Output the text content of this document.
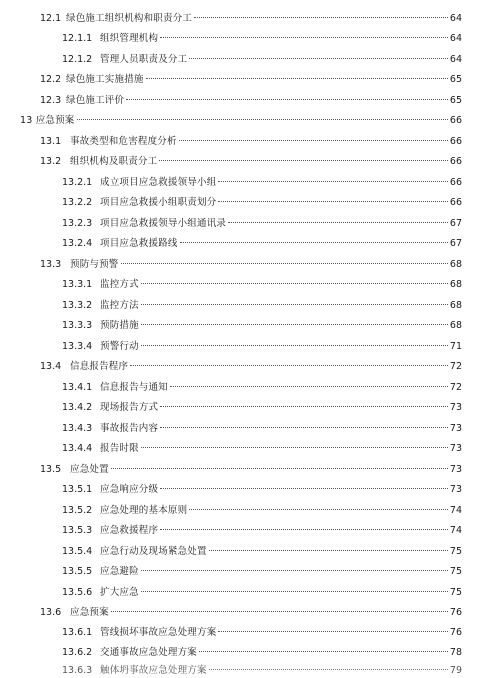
12.1 绿色施工组织机构和职责分工	64
12.1.1 组织管理机构	64
12.1.2 管理人员职责及分工	64
12.2 绿色施工实施措施	65
12.3 绿色施工评价	65
13 应急预案	66
13.1 事故类型和危害程度分析	66
13.2 组织机构及职责分工	66
13.2.1 成立项目应急救援领导小组	66
13.2.2 项目应急救援小组职责划分	66
13.2.3 项目应急救援领导小组通讯录	67
13.2.4 项目应急救援路线	67
13.3 预防与预警	68
13.3.1 监控方式	68
13.3.2 监控方法	68
13.3.3 预防措施	68
13.3.4 预警行动	71
13.4 信息报告程序	72
13.4.1 信息报告与通知	72
13.4.2 现场报告方式	73
13.4.3 事故报告内容	73
13.4.4 报告时限	73
13.5 应急处置	73
13.5.1 应急响应分级	73
13.5.2 应急处理的基本原则	74
13.5.3 应急救援程序	74
13.5.4 应急行动及现场紧急处置	75
13.5.5 应急避险	75
13.5.6 扩大应急	75
13.6 应急预案	76
13.6.1 管线损坏事故应急处理方案	76
13.6.2 交通事故应急处理方案	78
13.6.3 触体坍事故应急处理方案	79
